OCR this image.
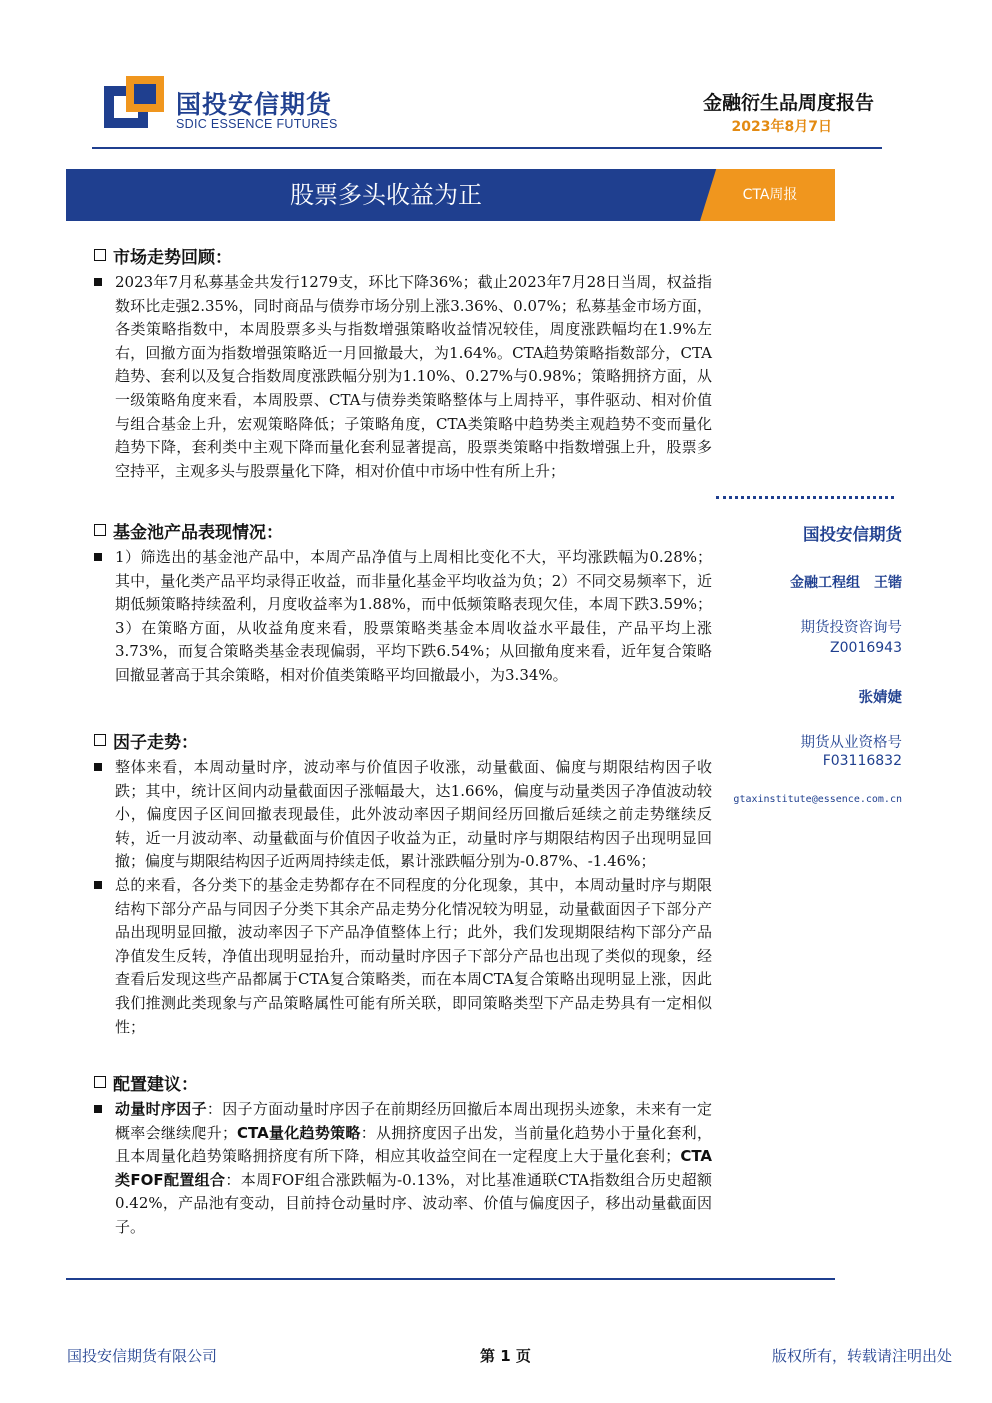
国投安信期货
SDIC ESSENCE FUTURES
金融衍生品周度报告
2023年8月7日
股票多头收益为正	CTA周报
市场走势回顾：
2023年7月私募基金共发行1279支，环比下降36%；截止2023年7月28日当周，权益指数环比走强2.35%，同时商品与债券市场分别上涨3.36%、0.07%；私募基金市场方面，各类策略指数中，本周股票多头与指数增强策略收益情况较佳，周度涨跌幅均在1.9%左右，回撤方面为指数增强策略近一月回撤最大，为1.64%。CTA趋势策略指数部分，CTA趋势、套利以及复合指数周度涨跌幅分别为1.10%、0.27%与0.98%；策略拥挤方面，从一级策略角度来看，本周股票、CTA与债券类策略整体与上周持平，事件驱动、相对价值与组合基金上升，宏观策略降低；子策略角度，CTA类策略中趋势类主观趋势不变而量化趋势下降，套利类中主观下降而量化套利显著提高，股票类策略中指数增强上升，股票多空持平，主观多头与股票量化下降，相对价值中市场中性有所上升；
基金池产品表现情况：
1）筛选出的基金池产品中，本周产品净值与上周相比变化不大，平均涨跌幅为0.28%；其中，量化类产品平均录得正收益，而非量化基金平均收益为负；2）不同交易频率下，近期低频策略持续盈利，月度收益率为1.88%，而中低频策略表现欠佳，本周下跌3.59%；3）在策略方面，从收益角度来看，股票策略类基金本周收益水平最佳，产品平均上涨3.73%，而复合策略类基金表现偏弱，平均下跌6.54%；从回撤角度来看，近年复合策略回撤显著高于其余策略，相对价值类策略平均回撤最小，为3.34%。
因子走势：
整体来看，本周动量时序，波动率与价值因子收涨，动量截面、偏度与期限结构因子收跌；其中，统计区间内动量截面因子涨幅最大，达1.66%，偏度与动量类因子净值波动较小，偏度因子区间回撤表现最佳，此外波动率因子期间经历回撤后延续之前走势继续反转，近一月波动率、动量截面与价值因子收益为正，动量时序与期限结构因子出现明显回撤；偏度与期限结构因子近两周持续走低，累计涨跌幅分别为-0.87%、-1.46%；
总的来看，各分类下的基金走势都存在不同程度的分化现象，其中，本周动量时序与期限结构下部分产品与同因子分类下其余产品走势分化情况较为明显，动量截面因子下部分产品出现明显回撤，波动率因子下产品净值整体上行；此外，我们发现期限结构下部分产品净值发生反转，净值出现明显抬升，而动量时序因子下部分产品也出现了类似的现象，经查看后发现这些产品都属于CTA复合策略类，而在本周CTA复合策略出现明显上涨，因此我们推测此类现象与产品策略属性可能有所关联，即同策略类型下产品走势具有一定相似性；
配置建议：
动量时序因子：因子方面动量时序因子在前期经历回撤后本周出现拐头迹象，未来有一定概率会继续爬升；CTA量化趋势策略：从拥挤度因子出发，当前量化趋势小于量化套利，且本周量化趋势策略拥挤度有所下降，相应其收益空间在一定程度上大于量化套利；CTA类FOF配置组合：本周FOF组合涨跌幅为-0.13%，对比基准通联CTA指数组合历史超额0.42%，产品池有变动，目前持仓动量时序、波动率、价值与偏度因子，移出动量截面因子。
国投安信期货
金融工程组　王锴
期货投资咨询号
Z0016943
张婧婕
期货从业资格号
F03116832
gtaxinstitute@essence.com.cn
国投安信期货有限公司	第 1 页	版权所有，转载请注明出处
